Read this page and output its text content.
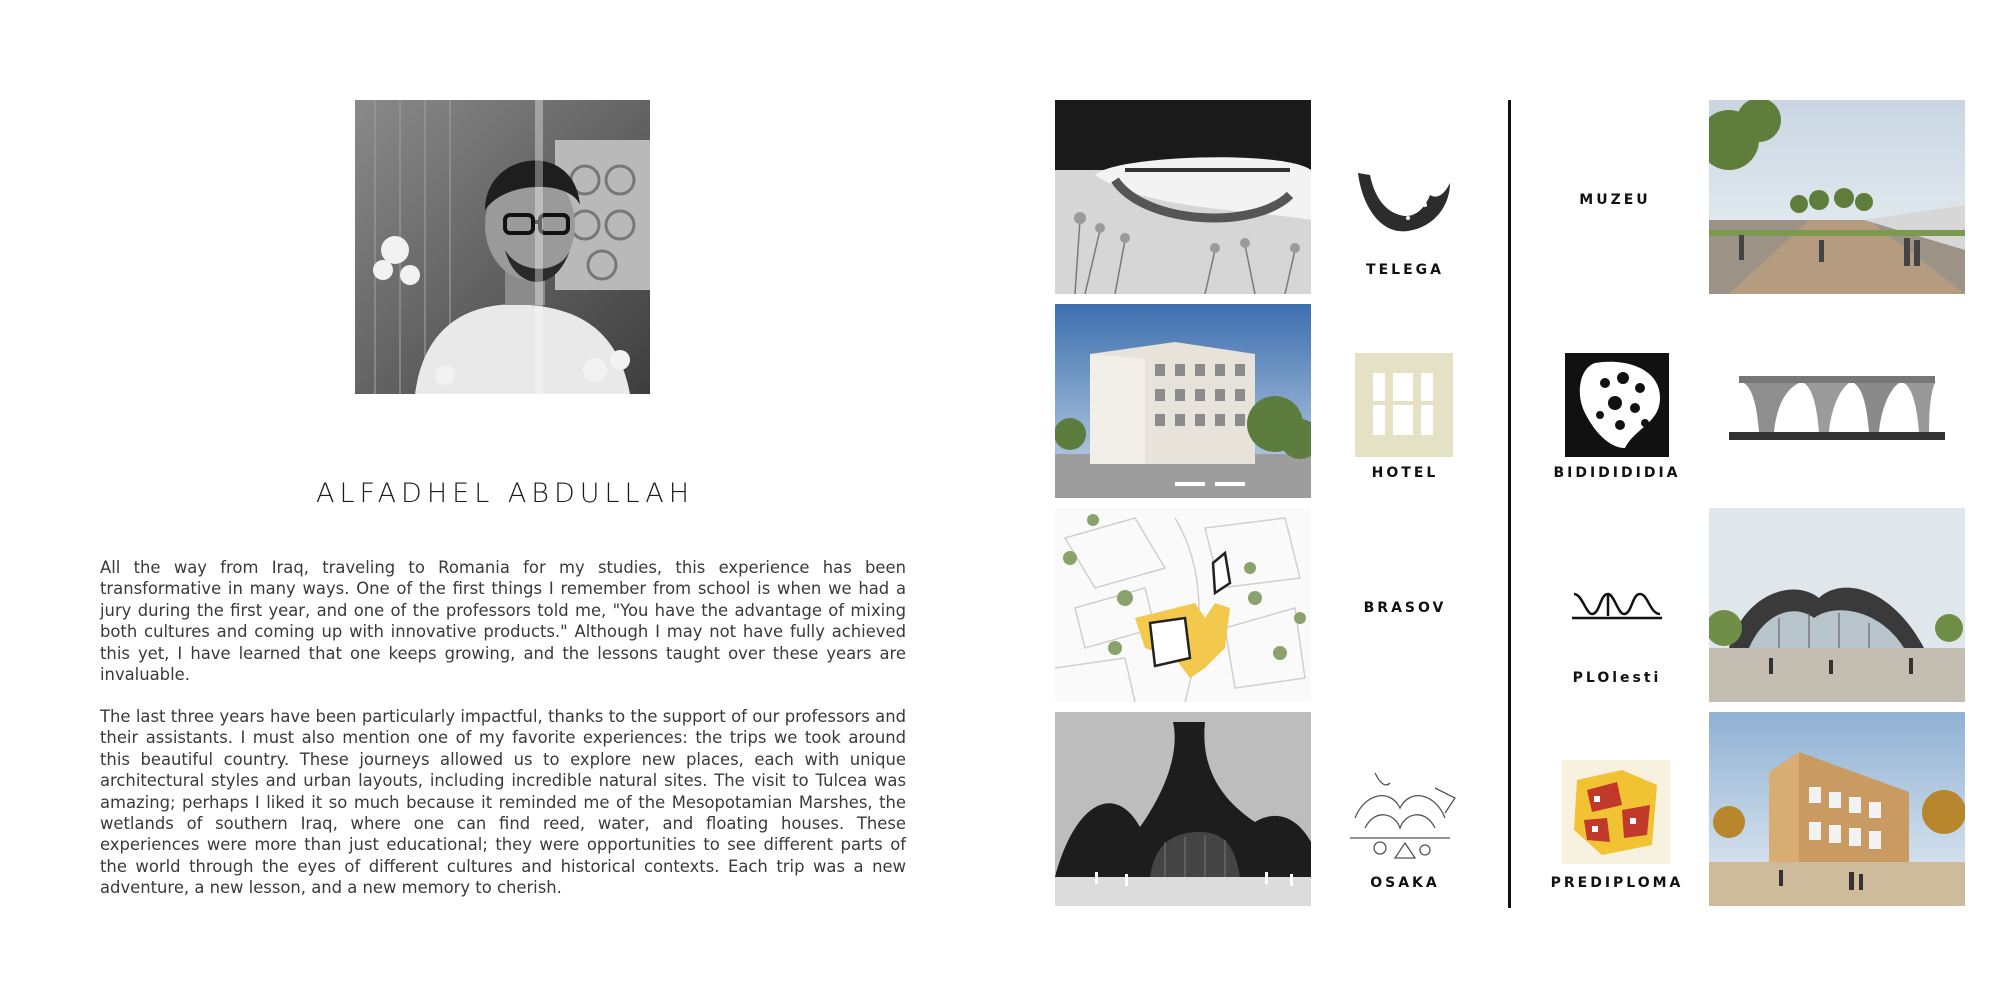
ALFADHEL ABDULLAH

All the way from Iraq, traveling to Romania for my studies, this experience has been transformative in many ways. One of the first things I remember from school is when we had a jury during the first year, and one of the professors told me, "You have the advantage of mixing both cultures and coming up with innovative products." Although I may not have fully achieved this yet, I have learned that one keeps growing, and the lessons taught over these years are invaluable.

The last three years have been particularly impactful, thanks to the support of our professors and their assistants. I must also mention one of my favorite experiences: the trips we took around this beautiful country. These journeys allowed us to explore new places, each with unique architectural styles and urban layouts, including incredible natural sites. The visit to Tulcea was amazing; perhaps I liked it so much because it reminded me of the Mesopotamian Marshes, the wetlands of southern Iraq, where one can find reed, water, and floating houses. These experiences were more than just educational; they were opportunities to see different parts of the world through the eyes of different cultures and historical contexts. Each trip was a new adventure, a new lesson, and a new memory to cherish.

TELEGA
HOTEL
BRASOV
OSAKA
MUZEU
BIDIDIDIDIA
PLOlesti
PREDIPLOMA
